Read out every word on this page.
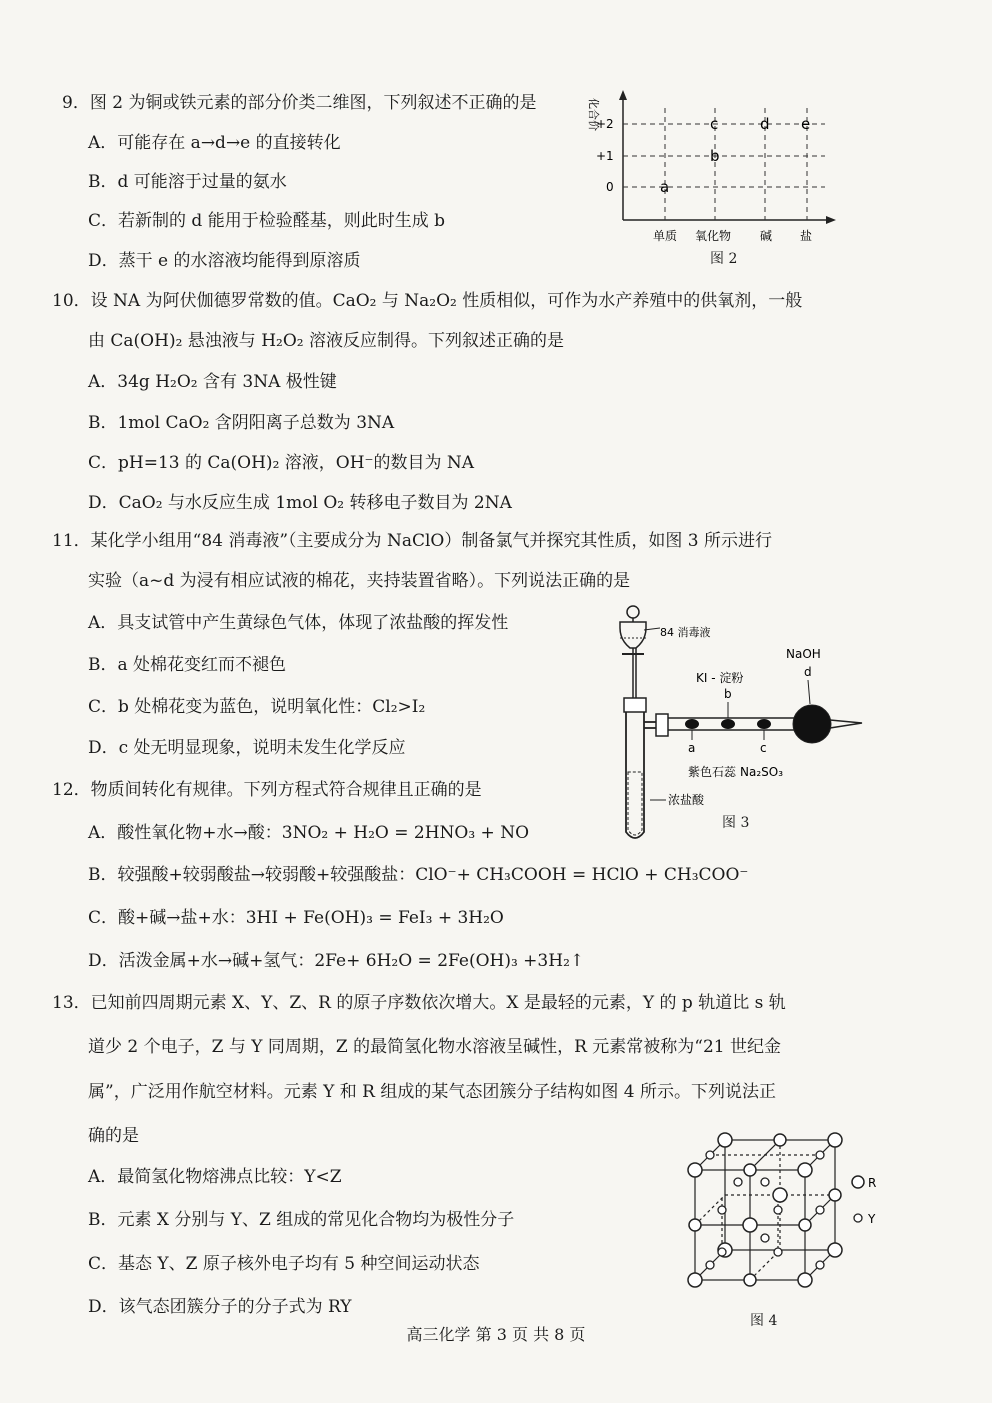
9．图 2 为铜或铁元素的部分价类二维图，下列叙述不正确的是
A．可能存在 a→d→e 的直接转化
B．d 可能溶于过量的氨水
C．若新制的 d 能用于检验醛基，则此时生成 b
D．蒸干 e 的水溶液均能得到原溶质
化合价
+2
+1
0
单质 氧化物 碱 盐
a
b
c	d e
图 2
10．设 NA 为阿伏伽德罗常数的值。CaO₂ 与 Na₂O₂ 性质相似，可作为水产养殖中的供氧剂，一般
由 Ca(OH)₂ 悬浊液与 H₂O₂ 溶液反应制得。下列叙述正确的是
A．34g H₂O₂ 含有 3NA 极性键
B．1mol CaO₂ 含阴阳离子总数为 3NA
C．pH=13 的 Ca(OH)₂ 溶液，OH⁻的数目为 NA
D．CaO₂ 与水反应生成 1mol O₂ 转移电子数目为 2NA
11．某化学小组用“84 消毒液”（主要成分为 NaClO）制备氯气并探究其性质，如图 3 所示进行
实验（a~d 为浸有相应试液的棉花，夹持装置省略）。下列说法正确的是
A．具支试管中产生黄绿色气体，体现了浓盐酸的挥发性
B．a 处棉花变红而不褪色
C．b 处棉花变为蓝色，说明氧化性：Cl₂>I₂
D．c 处无明显现象，说明未发生化学反应
84 消毒液
浓盐酸
KI - 淀粉
b
NaOH
d
a	c
紫色石蕊 Na₂SO₃
图 3
12．物质间转化有规律。下列方程式符合规律且正确的是
A．酸性氧化物+水→酸：3NO₂ + H₂O = 2HNO₃ + NO
B．较强酸+较弱酸盐→较弱酸+较强酸盐：ClO⁻+ CH₃COOH = HClO + CH₃COO⁻
C．酸+碱→盐+水：3HI + Fe(OH)₃ = FeI₃ + 3H₂O
D．活泼金属+水→碱+氢气：2Fe+ 6H₂O = 2Fe(OH)₃ +3H₂↑
13．已知前四周期元素 X、Y、Z、R 的原子序数依次增大。X 是最轻的元素，Y 的 p 轨道比 s 轨
道少 2 个电子，Z 与 Y 同周期，Z 的最简氢化物水溶液呈碱性，R 元素常被称为“21 世纪金
属”，广泛用作航空材料。元素 Y 和 R 组成的某气态团簇分子结构如图 4 所示。下列说法正
确的是
A．最简氢化物熔沸点比较：Y<Z
B．元素 X 分别与 Y、Z 组成的常见化合物均为极性分子
C．基态 Y、Z 原子核外电子均有 5 种空间运动状态
D．该气态团簇分子的分子式为 RY
R
Y
图 4
高三化学 第 3 页 共 8 页
